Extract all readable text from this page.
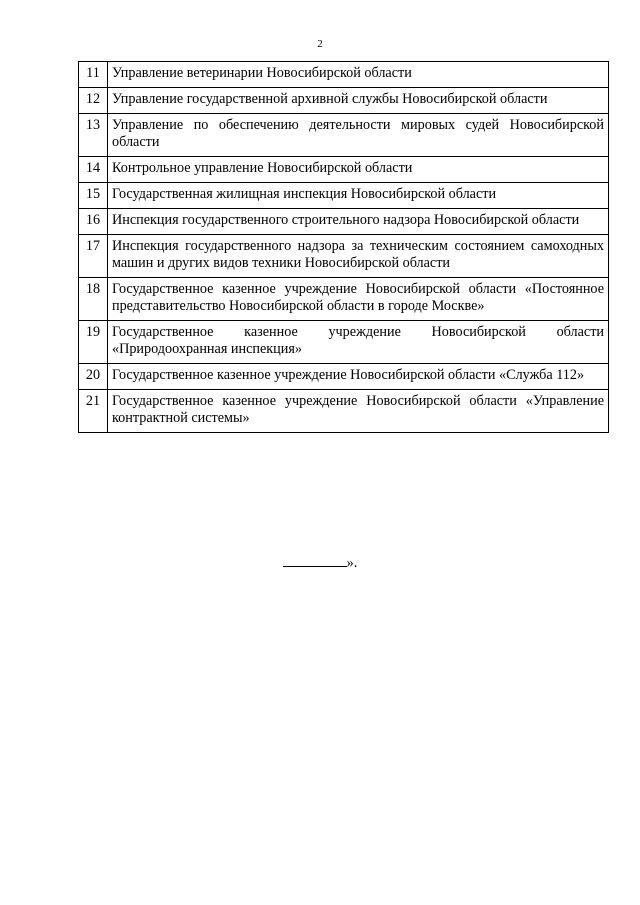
2
11	Управление ветеринарии Новосибирской области
12	Управление государственной архивной службы Новосибирской области
13	Управление по обеспечению деятельности мировых судей Новосибирской области
14	Контрольное управление Новосибирской области
15	Государственная жилищная инспекция Новосибирской области
16	Инспекция государственного строительного надзора Новосибирской области
17	Инспекция государственного надзора за техническим состоянием самоходных машин и других видов техники Новосибирской области
18	Государственное казенное учреждение Новосибирской области «Постоянное представительство Новосибирской области в городе Москве»
19	Государственное казенное учреждение Новосибирской области «Природоохранная инспекция»
20	Государственное казенное учреждение Новосибирской области «Служба 112»
21	Государственное казенное учреждение Новосибирской области «Управление контрактной системы»
».
